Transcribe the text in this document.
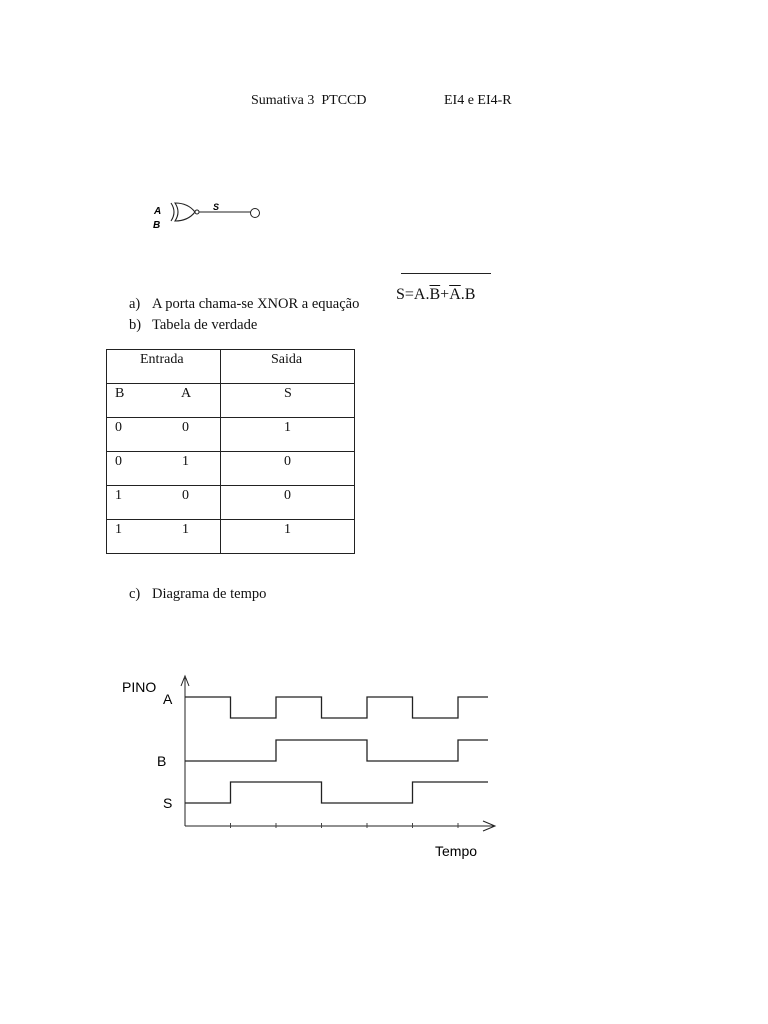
Sumativa 3  PTCCD	EI4 e EI4-R
A
B
S
a) A porta chama-se XNOR a equação
b) Tabela de verdade
c) Diagrama de tempo
$S=A.\overline{B}+\overline{A}.B$
Entrada	Saida

B A	S

0 0	1

0 1	0

1 0	0

1 1	1
PINO
Tempo
A
B
S
